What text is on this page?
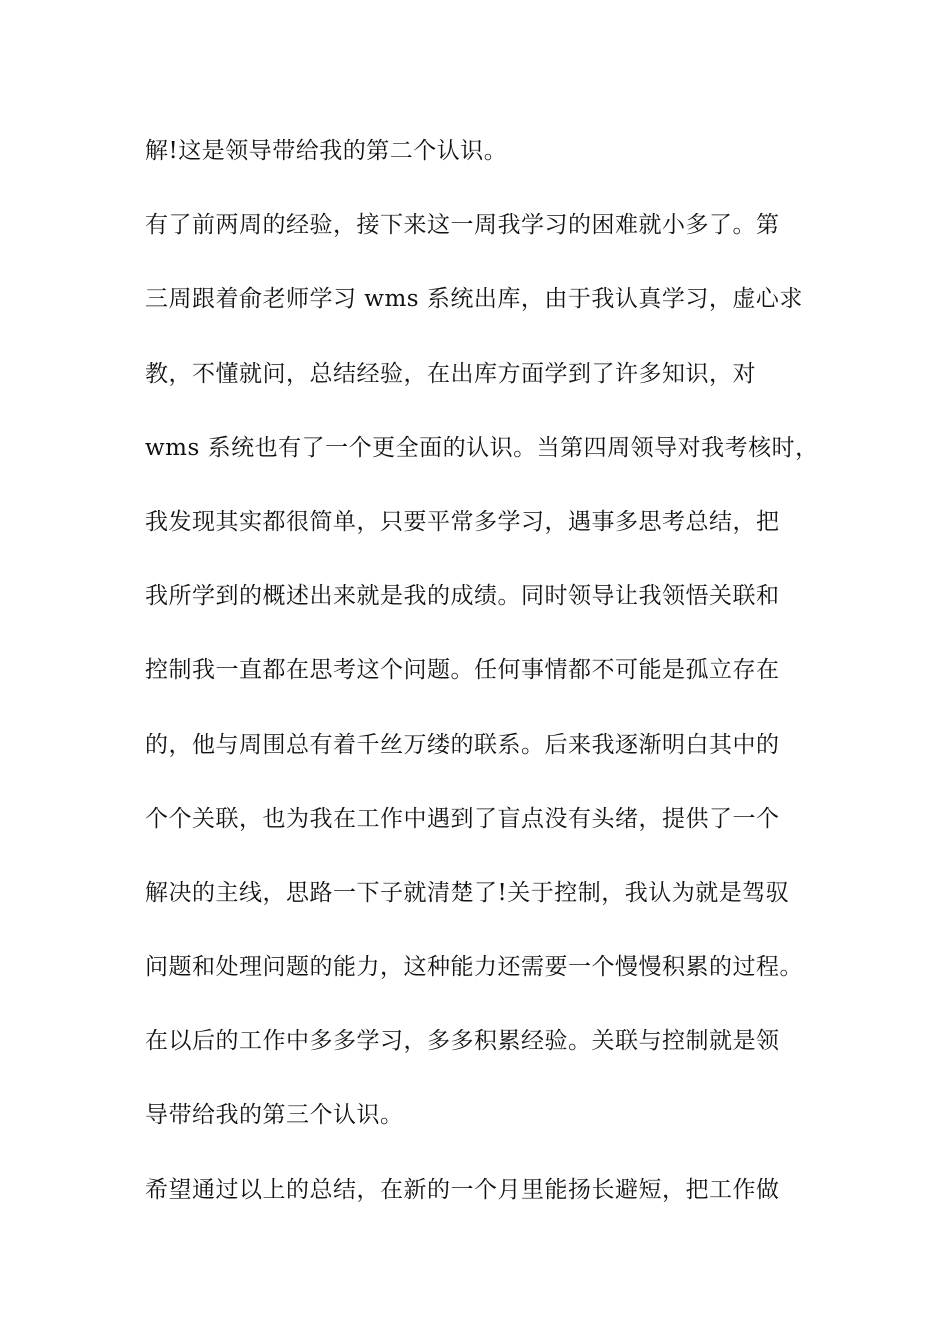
解!这是领导带给我的第二个认识。
有了前两周的经验，接下来这一周我学习的困难就小多了。第
三周跟着俞老师学习 wms 系统出库，由于我认真学习，虚心求
教，不懂就问，总结经验，在出库方面学到了许多知识，对
wms 系统也有了一个更全面的认识。当第四周领导对我考核时，
我发现其实都很简单，只要平常多学习，遇事多思考总结，把
我所学到的概述出来就是我的成绩。同时领导让我领悟关联和
控制我一直都在思考这个问题。任何事情都不可能是孤立存在
的，他与周围总有着千丝万缕的联系。后来我逐渐明白其中的
个个关联，也为我在工作中遇到了盲点没有头绪，提供了一个
解决的主线，思路一下子就清楚了!关于控制，我认为就是驾驭
问题和处理问题的能力，这种能力还需要一个慢慢积累的过程。
在以后的工作中多多学习，多多积累经验。关联与控制就是领
导带给我的第三个认识。
希望通过以上的总结，在新的一个月里能扬长避短，把工作做
